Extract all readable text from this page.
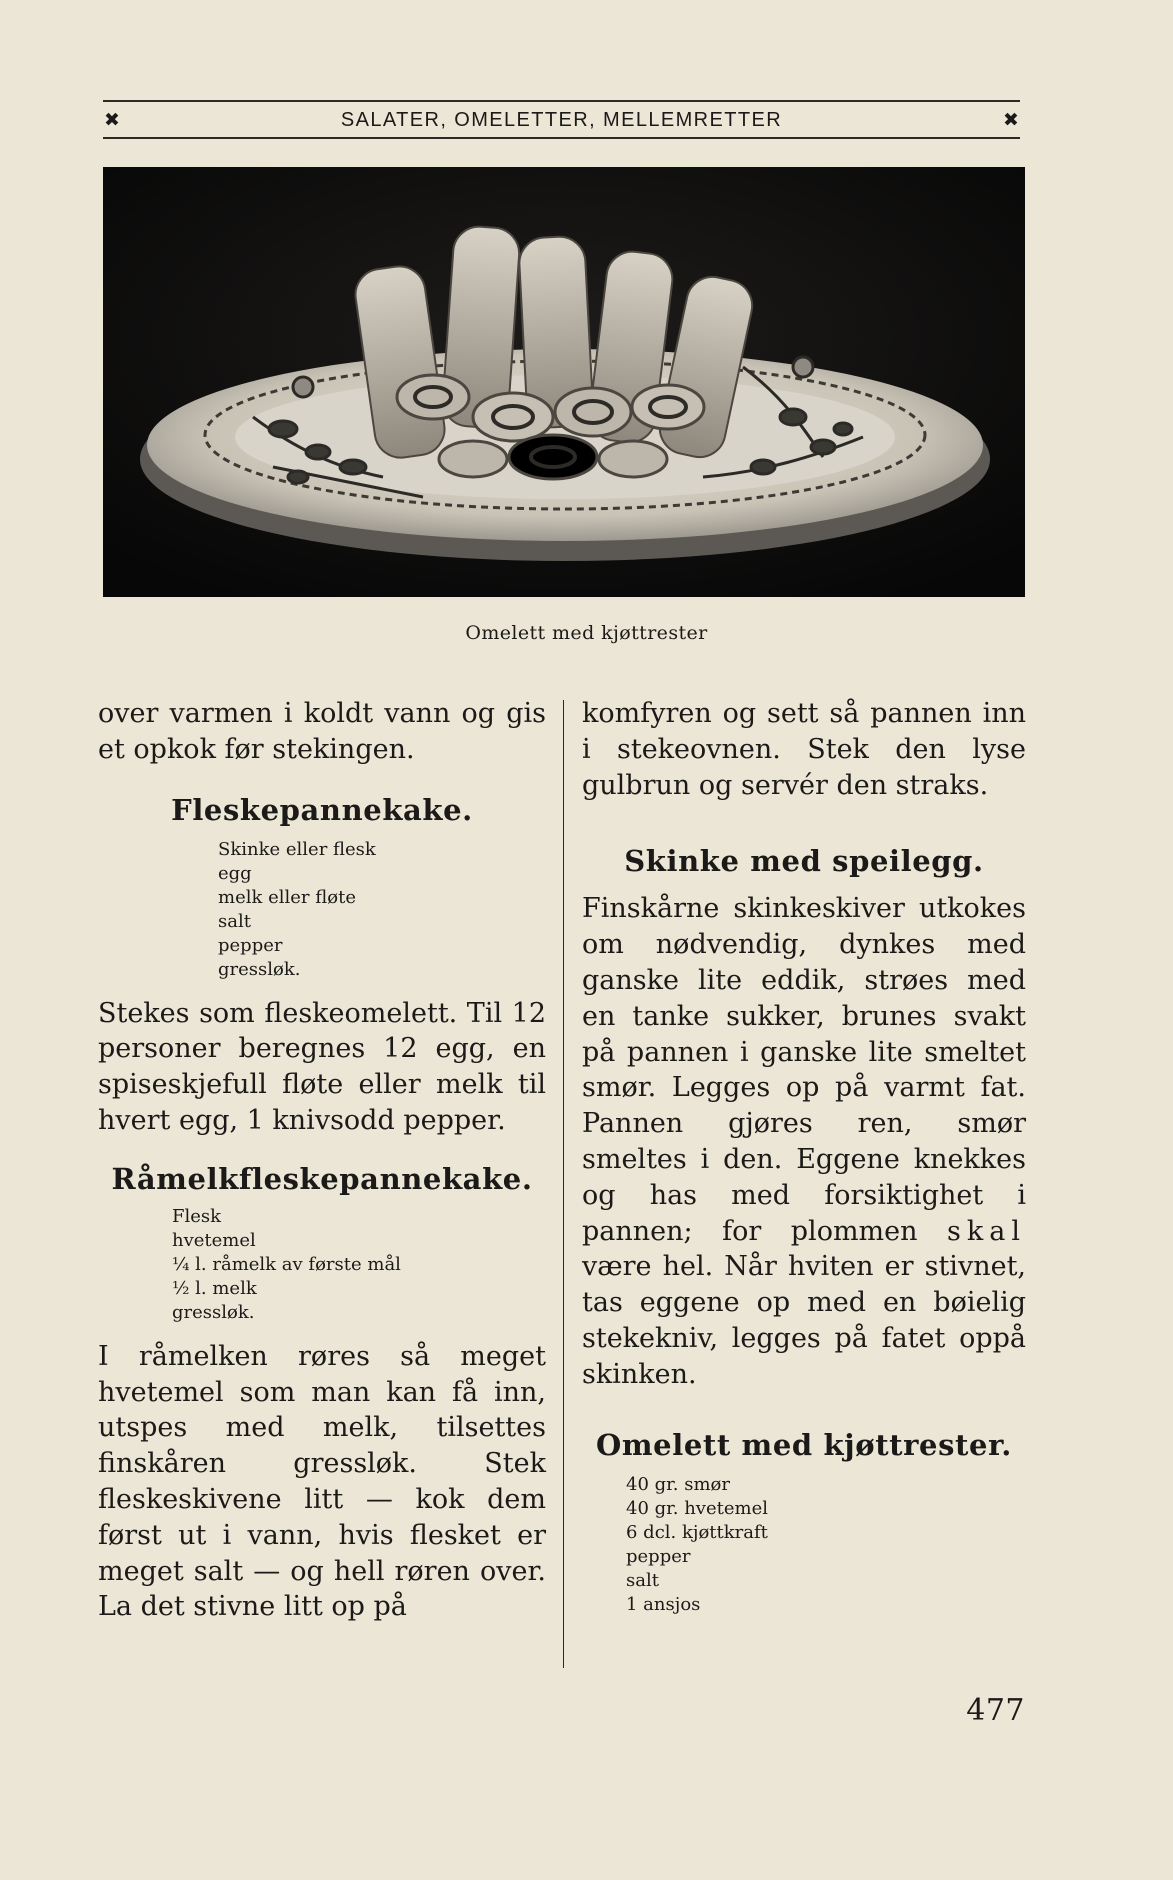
✖	SALATER, OMELETTER, MELLEMRETTER	✖
Omelett med kjøttrester

over varmen i koldt vann og gis et opkok før stekingen.

Fleskepannekake.
Skinke eller flesk
egg
melk eller fløte
salt
pepper
gressløk.

Stekes som fleskeomelett. Til 12 personer beregnes 12 egg, en spiseskjefull fløte eller melk til hvert egg, 1 knivsodd pepper.

Råmelkfleskepannekake.
Flesk
hvetemel
¼ l. råmelk av første mål
½ l. melk
gressløk.

I råmelken røres så meget hvetemel som man kan få inn, utspes med melk, tilsettes finskåren gressløk. Stek fleskeskivene litt — kok dem først ut i vann, hvis flesket er meget salt — og hell røren over. La det stivne litt op på

komfyren og sett så pannen inn i stekeovnen. Stek den lyse gulbrun og servér den straks.

Skinke med speilegg.

Finskårne skinkeskiver utkokes om nødvendig, dynkes med ganske lite eddik, strøes med en tanke sukker, brunes svakt på pannen i ganske lite smeltet smør. Legges op på varmt fat. Pannen gjøres ren, smør smeltes i den. Eggene knekkes og has med forsiktighet i pannen; for plommen skal være hel. Når hviten er stivnet, tas eggene op med en bøielig stekekniv, legges på fatet oppå skinken.

Omelett med kjøttrester.
40 gr. smør
40 gr. hvetemel
6 dcl. kjøttkraft
pepper
salt
1 ansjos
477
